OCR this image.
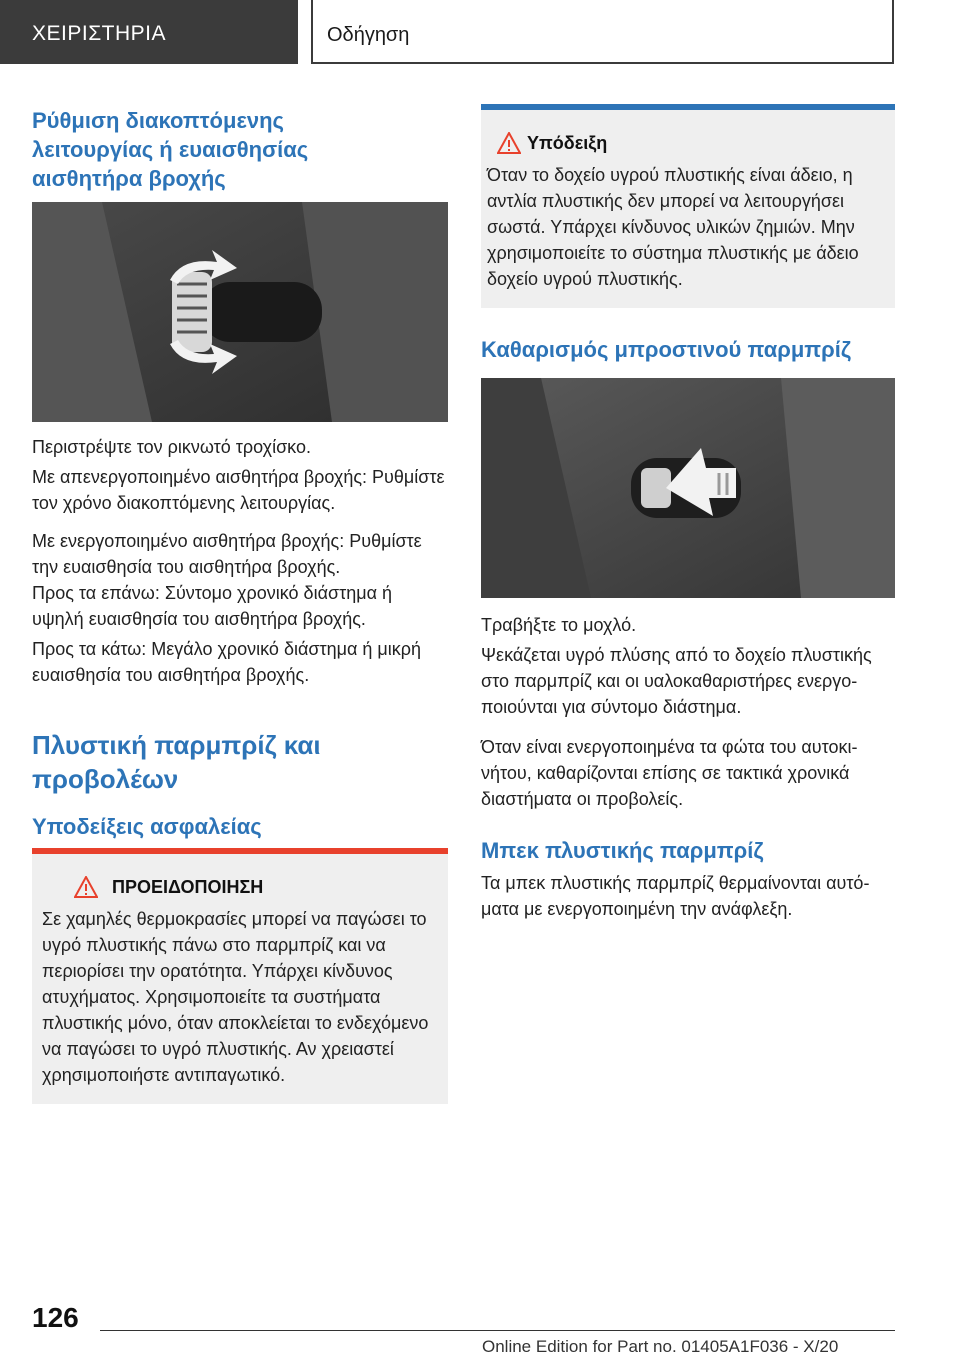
ΧΕΙΡΙΣΤΗΡΙΑ	Οδήγηση
Ρύθμιση διακοπτόμενης λειτουργίας ή ευαισθησίας αισθητήρα βροχής

Περιστρέψτε τον ρικνωτό τροχίσκο.

Με απενεργοποιημένο αισθητήρα βροχής: Ρυθμίστε τον χρόνο διακοπτόμενης λειτουργίας.

Με ενεργοποιημένο αισθητήρα βροχής: Ρυθμίστε την ευαισθησία του αισθητήρα βροχής.

Προς τα επάνω: Σύντομο χρονικό διάστημα ή υψηλή ευαισθησία του αισθητήρα βροχής.

Προς τα κάτω: Μεγάλο χρονικό διάστημα ή μικρή ευαισθησία του αισθητήρα βροχής.

Πλυστική παρμπρίζ και προβολέων
Υποδείξεις ασφαλείας
ΠΡΟΕΙΔΟΠΟΙΗΣΗ

Σε χαμηλές θερμοκρασίες μπορεί να παγώσει το υγρό πλυστικής πάνω στο παρμπρίζ και να περιορίσει την ορατότητα. Υπάρχει κίνδυνος ατυχήματος. Χρησιμοποιείτε τα συστήματα πλυστικής μόνο, όταν αποκλείεται το ενδεχόμενο να παγώσει το υγρό πλυστικής. Αν χρειαστεί χρησιμοποιήστε αντιπαγωτικό.

Υπόδειξη

Όταν το δοχείο υγρού πλυστικής είναι άδειο, η αντλία πλυστικής δεν μπορεί να λειτουργήσει σωστά. Υπάρχει κίνδυνος υλικών ζημιών. Μην χρησιμοποιείτε το σύστημα πλυστικής με άδειο δοχείο υγρού πλυστικής.

Καθαρισμός μπροστινού παρμπρίζ

Τραβήξτε το μοχλό.

Ψεκάζεται υγρό πλύσης από το δοχείο πλυστικής στο παρμπρίζ και οι υαλοκαθαριστήρες ενεργοποιούνται για σύντομο διάστημα.

Όταν είναι ενεργοποιημένα τα φώτα του αυτοκινήτου, καθαρίζονται επίσης σε τακτικά χρονικά διαστήματα οι προβολείς.

Μπεκ πλυστικής παρμπρίζ

Τα μπεκ πλυστικής παρμπρίζ θερμαίνονται αυτόματα με ενεργοποιημένη την ανάφλεξη.

126
Online Edition for Part no. 01405A1F036 - X/20
